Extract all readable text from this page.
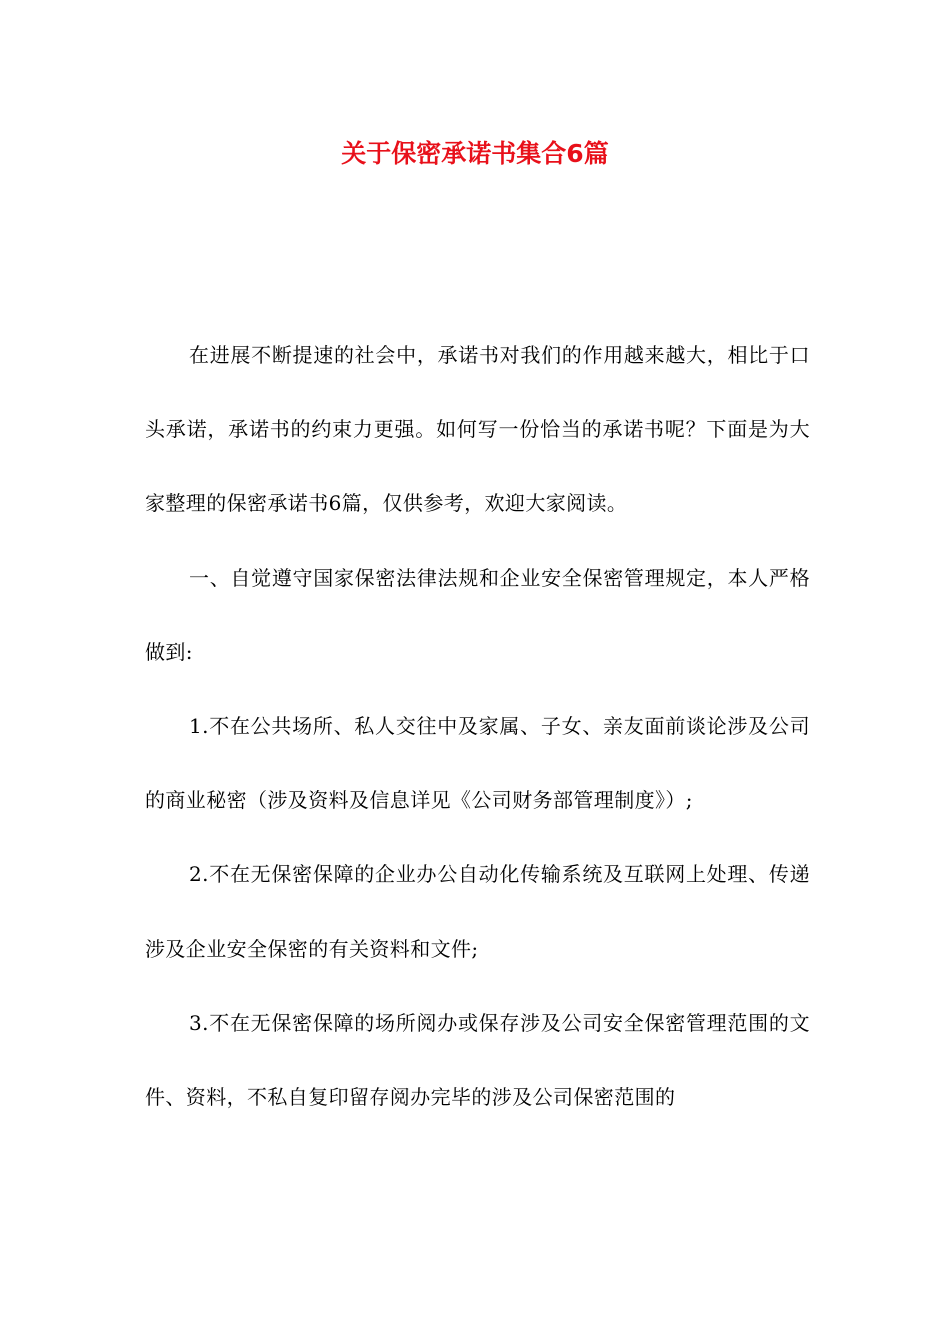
关于保密承诺书集合6篇

在进展不断提速的社会中，承诺书对我们的作用越来越大，相比于口头承诺，承诺书的约束力更强。如何写一份恰当的承诺书呢？下面是为大家整理的保密承诺书6篇，仅供参考，欢迎大家阅读。

一、自觉遵守国家保密法律法规和企业安全保密管理规定，本人严格做到:

1.不在公共场所、私人交往中及家属、子女、亲友面前谈论涉及公司的商业秘密（涉及资料及信息详见《公司财务部管理制度》）;

2.不在无保密保障的企业办公自动化传输系统及互联网上处理、传递涉及企业安全保密的有关资料和文件;

3.不在无保密保障的场所阅办或保存涉及公司安全保密管理范围的文件、资料，不私自复印留存阅办完毕的涉及公司保密范围的
